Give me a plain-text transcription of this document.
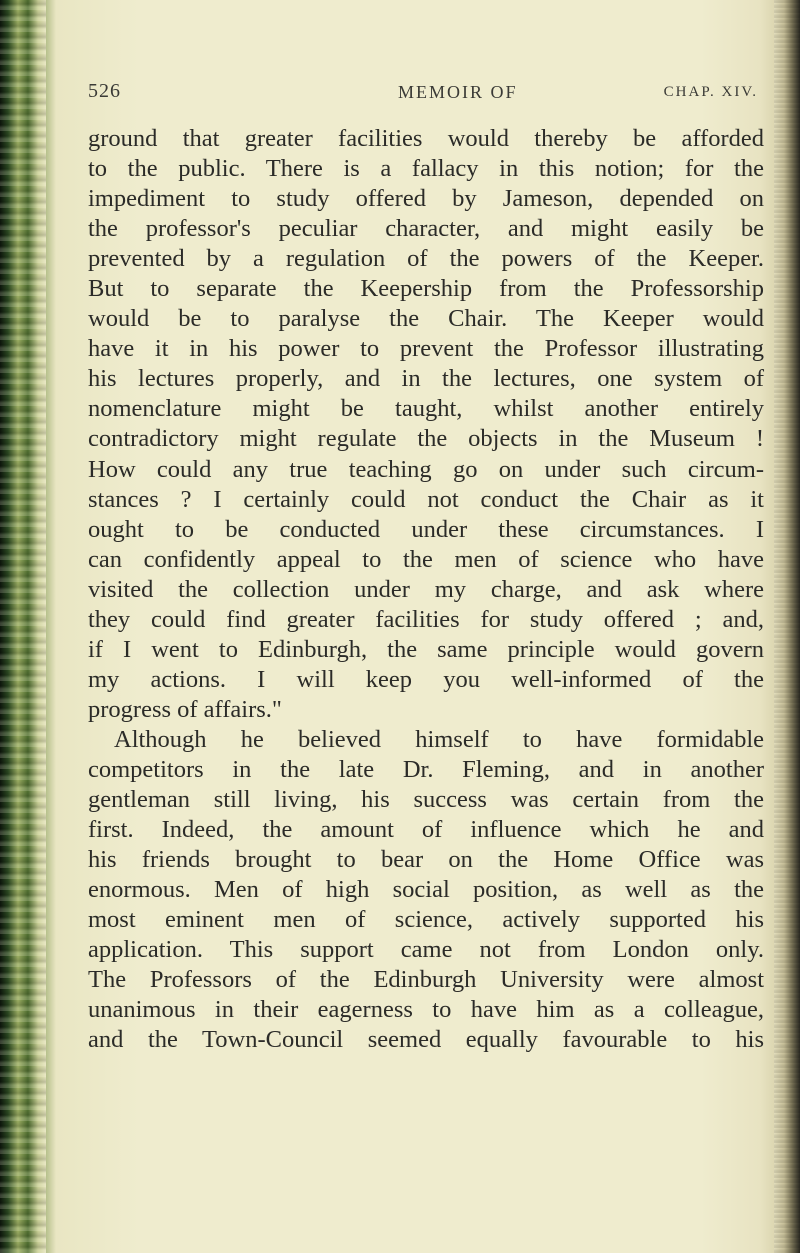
526	MEMOIR OF	CHAP. XIV.
ground that greater facilities would thereby be afforded
to the public. There is a fallacy in this notion; for the
impediment to study offered by Jameson, depended on
the professor's peculiar character, and might easily be
prevented by a regulation of the powers of the Keeper.
But to separate the Keepership from the Professorship
would be to paralyse the Chair. The Keeper would
have it in his power to prevent the Professor illustrating
his lectures properly, and in the lectures, one system of
nomenclature might be taught, whilst another entirely
contradictory might regulate the objects in the Museum !
How could any true teaching go on under such circum-
stances ? I certainly could not conduct the Chair as it
ought to be conducted under these circumstances. I
can confidently appeal to the men of science who have
visited the collection under my charge, and ask where
they could find greater facilities for study offered ; and,
if I went to Edinburgh, the same principle would govern
my actions. I will keep you well-informed of the
progress of affairs."
Although he believed himself to have formidable
competitors in the late Dr. Fleming, and in another
gentleman still living, his success was certain from the
first. Indeed, the amount of influence which he and
his friends brought to bear on the Home Office was
enormous. Men of high social position, as well as the
most eminent men of science, actively supported his
application. This support came not from London only.
The Professors of the Edinburgh University were almost
unanimous in their eagerness to have him as a colleague,
and the Town-Council seemed equally favourable to his
